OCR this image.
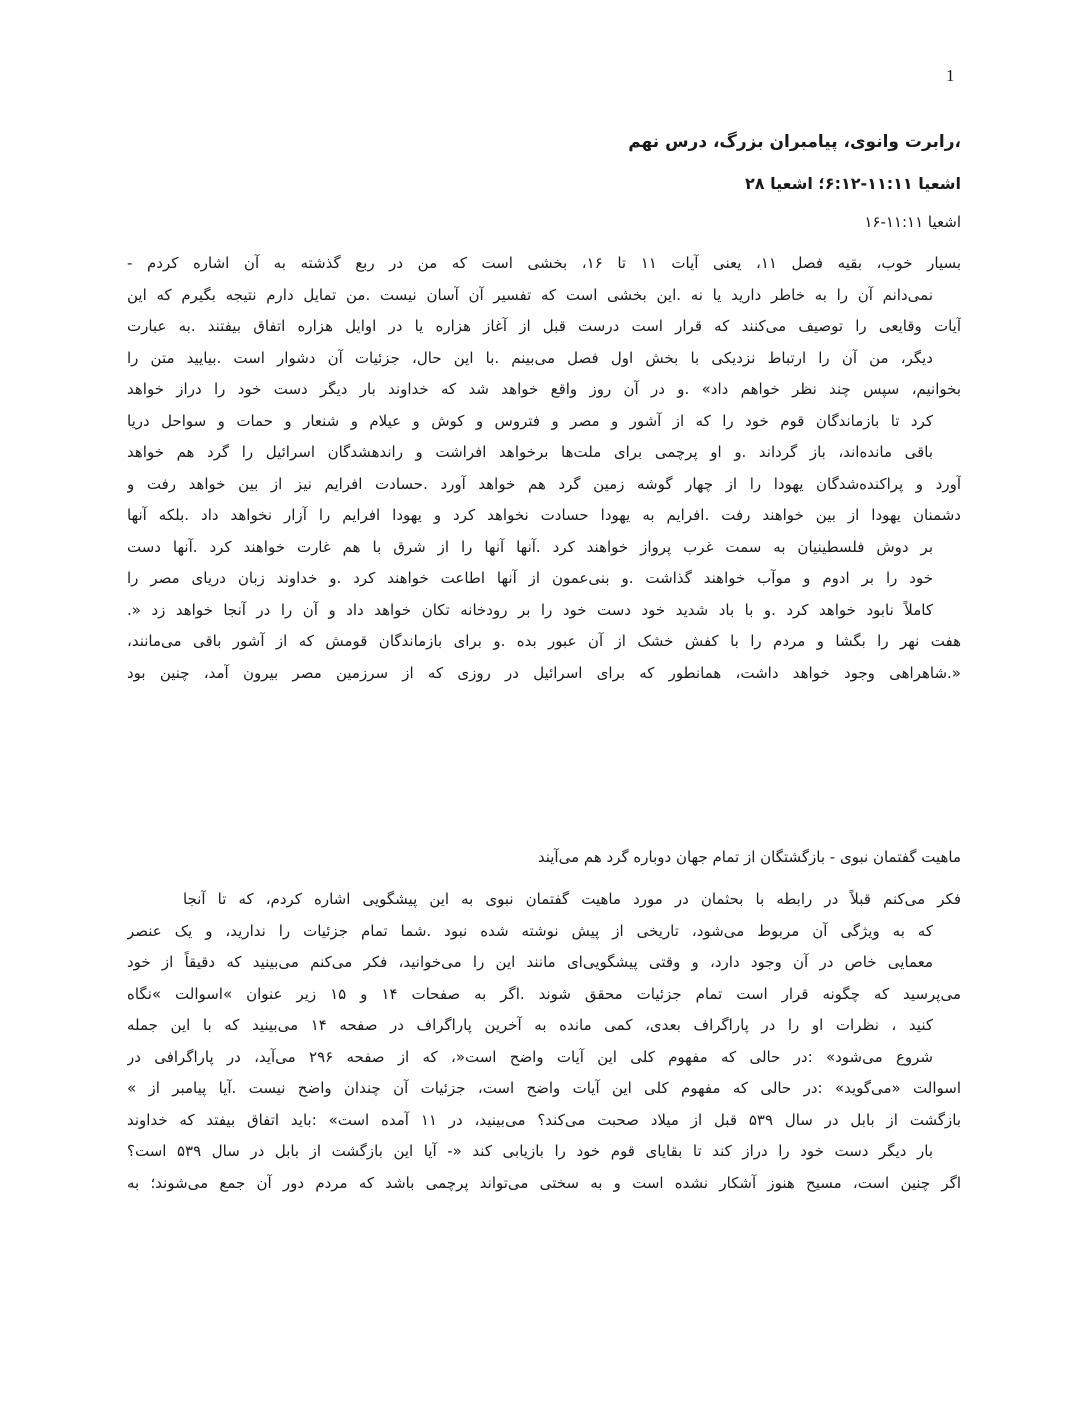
1
،رابرت وانوی، پیامبران بزرگ، درس نهم
اشعیا ۱۱:۱۱-۶:۱۲؛ اشعیا ۲۸
اشعیا ۱۱:۱۱-۱۶
بسیار خوب، بقیه فصل ۱۱، یعنی آیات ۱۱ تا ۱۶، بخشی است که من در ربع گذشته به آن اشاره کردم -
نمی‌دانم آن را به خاطر دارید یا نه .این بخشی است که تفسیر آن آسان نیست .من تمایل دارم نتیجه بگیرم که این
آیات وقایعی را توصیف می‌کنند که قرار است درست قبل از آغاز هزاره یا در اوایل هزاره اتفاق بیفتند .به عبارت
دیگر، من آن را ارتباط نزدیکی با بخش اول فصل می‌بینم .با این حال، جزئیات آن دشوار است .بیایید متن را
بخوانیم، سپس چند نظر خواهم داد» .و در آن روز واقع خواهد شد که خداوند بار دیگر دست خود را دراز خواهد
کرد تا بازماندگان قوم خود را که از آشور و مصر و فتروس و کوش و عیلام و شنعار و حمات و سواحل دریا
باقی مانده‌اند، باز گرداند .و او پرچمی برای ملت‌ها برخواهد افراشت و راندهشدگان اسرائیل را گرد هم خواهد
آورد و پراکنده‌شدگان یهودا را از چهار گوشه زمین گرد هم خواهد آورد .حسادت افرایم نیز از بین خواهد رفت و
دشمنان یهودا از بین خواهند رفت .افرایم به یهودا حسادت نخواهد کرد و یهودا افرایم را آزار نخواهد داد .بلکه آنها
بر دوش فلسطینیان به سمت غرب پرواز خواهند کرد .آنها آنها را از شرق با هم غارت خواهند کرد .آنها دست
خود را بر ادوم و موآب خواهند گذاشت .و بنی‌عمون از آنها اطاعت خواهند کرد .و خداوند زبان دریای مصر را
کاملاً نابود خواهد کرد .و با باد شدید خود دست خود را بر رودخانه تکان خواهد داد و آن را در آنجا خواهد زد «.
هفت نهر را بگشا و مردم را با کفش خشک از آن عبور بده .و برای بازماندگان قومش که از آشور باقی می‌مانند،
«.شاهراهی وجود خواهد داشت، همانطور که برای اسرائیل در روزی که از سرزمین مصر بیرون آمد، چنین بود
ماهیت گفتمان نبوی - بازگشتگان از تمام جهان دوباره گرد هم می‌آیند
فکر می‌کنم قبلاً در رابطه با بحثمان در مورد ماهیت گفتمان نبوی به این پیشگویی اشاره کردم، که تا آنجا
که به ویژگی آن مربوط می‌شود، تاریخی از پیش نوشته شده نبود .شما تمام جزئیات را ندارید، و یک عنصر
معمایی خاص در آن وجود دارد، و وقتی پیشگویی‌ای مانند این را می‌خوانید، فکر می‌کنم می‌بینید که دقیقاً از خود
می‌پرسید که چگونه قرار است تمام جزئیات محقق شوند .اگر به صفحات ۱۴ و ۱۵ زیر عنوان »اسوالت »نگاه
کنید ، نظرات او را در پاراگراف بعدی، کمی مانده به آخرین پاراگراف در صفحه ۱۴ می‌بینید که با این جمله
شروع می‌شود» :در حالی که مفهوم کلی این آیات واضح است«، که از صفحه ۲۹۶ می‌آید، در پاراگرافی در
اسوالت «می‌گوید» :در حالی که مفهوم کلی این آیات واضح است، جزئیات آن چندان واضح نیست .آیا پیامبر از »
بازگشت از بابل در سال ۵۳۹ قبل از میلاد صحبت می‌کند؟ می‌بینید، در ۱۱ آمده است» :باید اتفاق بیفتد که خداوند
بار دیگر دست خود را دراز کند تا بقایای قوم خود را بازیابی کند «- آیا این بازگشت از بابل در سال ۵۳۹ است؟
اگر چنین است، مسیح هنوز آشکار نشده است و به سختی می‌تواند پرچمی باشد که مردم دور آن جمع می‌شوند؛ به
